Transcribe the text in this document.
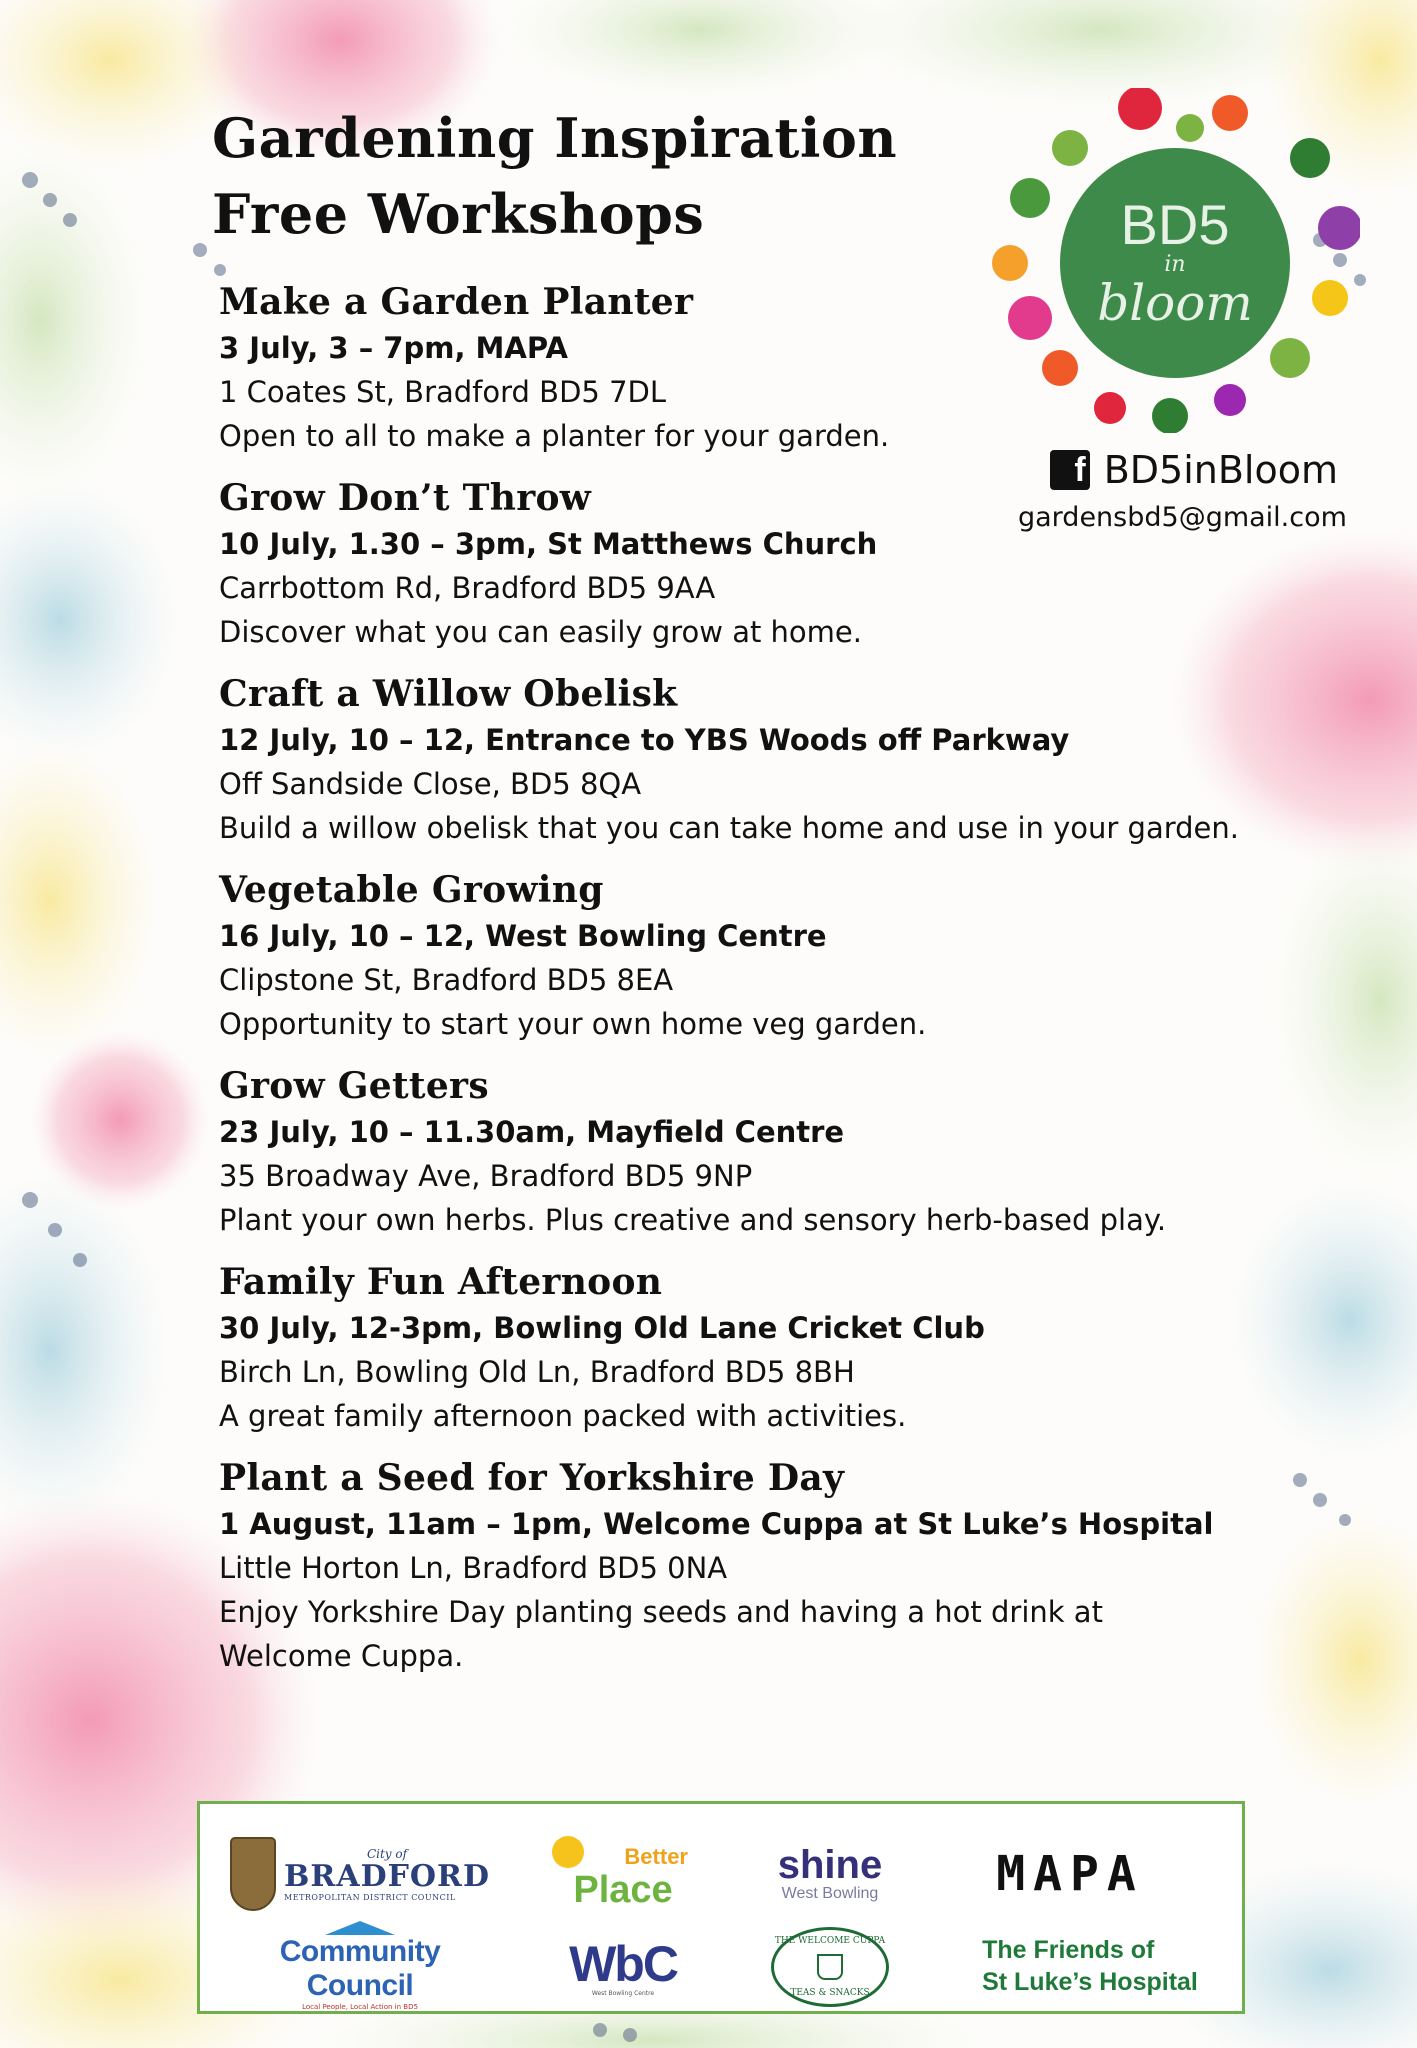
Gardening Inspiration
Free Workshops	BD5
in
bloom
f BD5inBloom
gardensbd5@gmail.com
Make a Garden Planter
3 July, 3 – 7pm, MAPA
1 Coates St, Bradford BD5 7DL
Open to all to make a planter for your garden.
Grow Don’t Throw
10 July, 1.30 – 3pm, St Matthews Church
Carrbottom Rd, Bradford BD5 9AA
Discover what you can easily grow at home.
Craft a Willow Obelisk
12 July, 10 – 12, Entrance to YBS Woods off Parkway
Off Sandside Close, BD5 8QA
Build a willow obelisk that you can take home and use in your garden.
Vegetable Growing
16 July, 10 – 12, West Bowling Centre
Clipstone St, Bradford BD5 8EA
Opportunity to start your own home veg garden.
Grow Getters
23 July, 10 – 11.30am, Mayfield Centre
35 Broadway Ave, Bradford BD5 9NP
Plant your own herbs. Plus creative and sensory herb-based play.
Family Fun Afternoon
30 July, 12-3pm, Bowling Old Lane Cricket Club
Birch Ln, Bowling Old Ln, Bradford BD5 8BH
A great family afternoon packed with activities.
Plant a Seed for Yorkshire Day
1 August, 11am – 1pm, Welcome Cuppa at St Luke’s Hospital
Little Horton Ln, Bradford BD5 0NA
Enjoy Yorkshire Day planting seeds and having a hot drink at
Welcome Cuppa.
City of
BRADFORD
METROPOLITAN DISTRICT COUNCIL
Better
Place
shine
West Bowling MAPA
Community Council
Local People, Local Action in BD5
WbC
West Bowling Centre
THE WELCOME CUPPA
TEAS & SNACKS
The Friends of
St Luke’s Hospital
